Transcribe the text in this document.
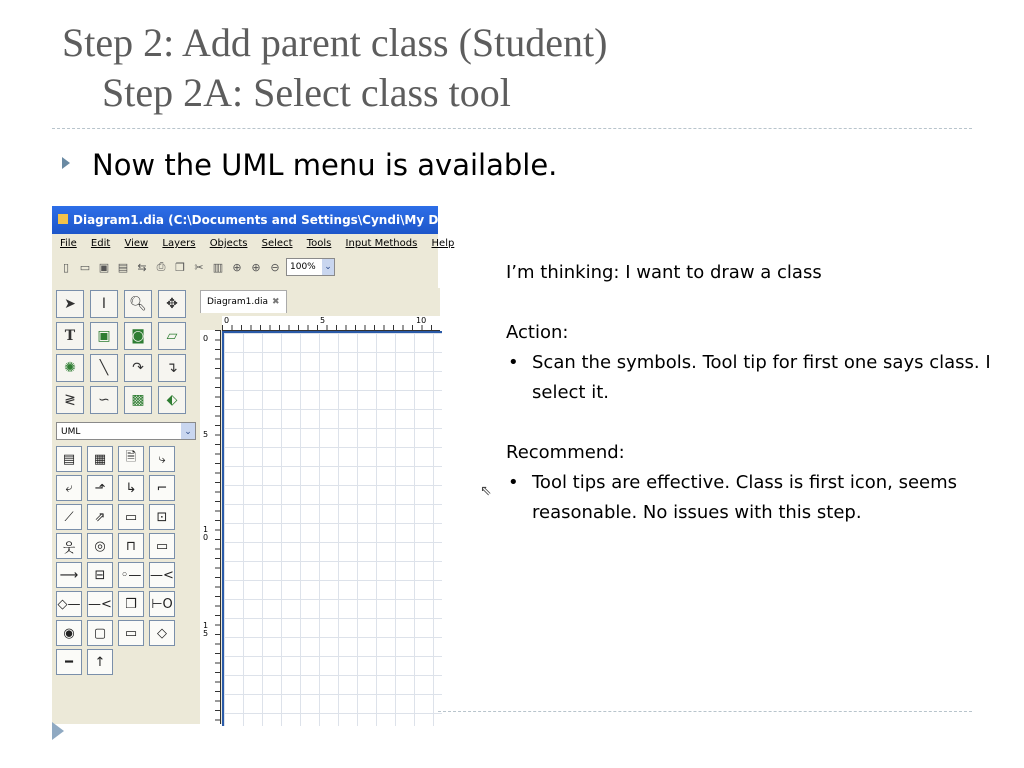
Step 2: Add parent class (Student)
Step 2A: Select class tool
Now the UML menu is available.
Diagram1.dia (C:\Documents and Settings\Cyndi\My Documen
File Edit View Layers Objects Select Tools Input Methods Help
▯ ▭ ▣ ▤ ⇆ ⎙ ❐ ✂ ▥ ⊕ ⊕ ⊖	100% ⌄
➤	I	🔍︎	✥
T	▣	◙	▱
✺	╲	↷	↴
≷	∽	▩	⬖
UML	⌄
▤	▦	🗎	⤷
⤶	⬏	↳	⌐
⟋	⇗	▭	⊡
웃	◎	⊓	▭
⟶	⊟	◦— —<
◇— —<	❒	⊢O
◉	▢	▭	◇
━	↑
Diagram1.dia ✖
0	5	10
0
5
10
15
⇖

I’m thinking: I want to draw a class

Action:

• Scan the symbols. Tool tip for first one says class. I select it.

Recommend:

• Tool tips are effective. Class is first icon, seems reasonable. No issues with this step.
